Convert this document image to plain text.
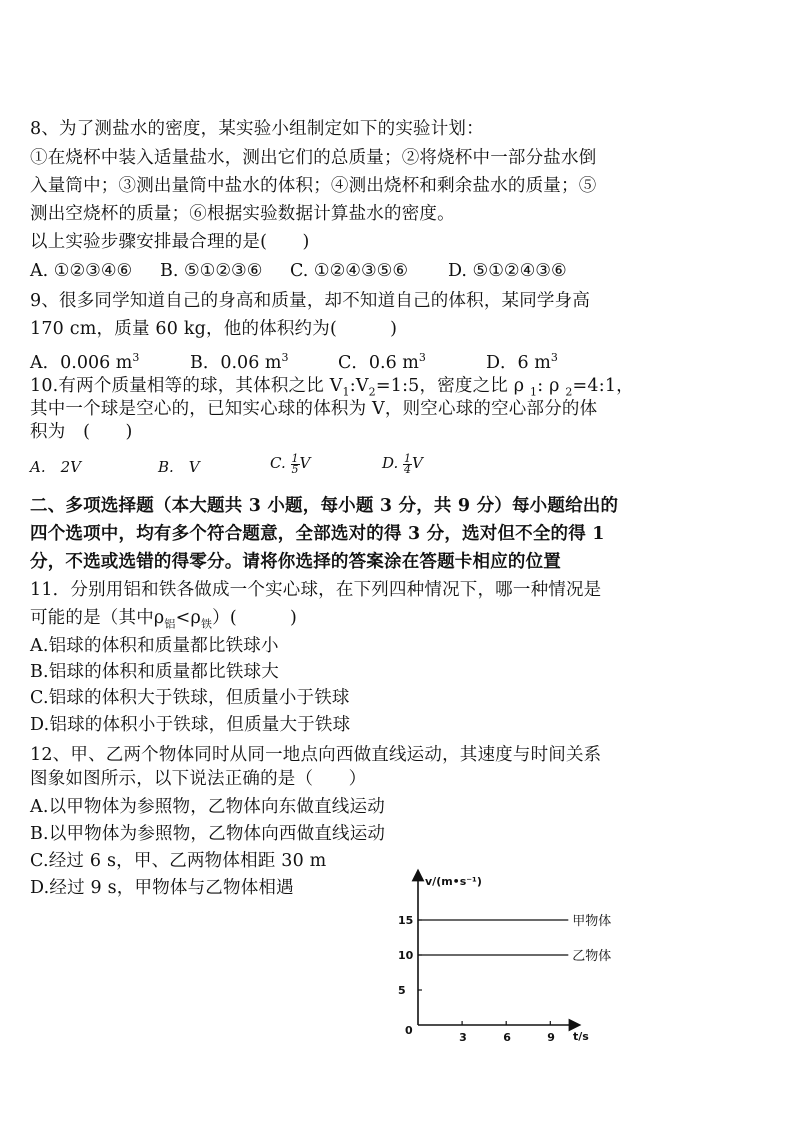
8、为了测盐水的密度，某实验小组制定如下的实验计划：
①在烧杯中装入适量盐水，测出它们的总质量；②将烧杯中一部分盐水倒
入量筒中；③测出量筒中盐水的体积；④测出烧杯和剩余盐水的质量；⑤
测出空烧杯的质量；⑥根据实验数据计算盐水的密度。
以上实验步骤安排最合理的是(　　)
A. ①②③④⑥ B. ⑤①②③⑥ C. ①②④③⑤⑥ D. ⑤①②④③⑥
9、很多同学知道自己的身高和质量，却不知道自己的体积，某同学身高
170 cm，质量 60 kg，他的体积约为(　　　)
A．0.006 $m^3$	B．0.06 $m^3$	C．0.6 $m^3$	D．6 $m^3$
10.有两个质量相等的球，其体积之比 $V_1:V_2=1:5$，密度之比 ρ $_1$: ρ $_2$=4:1，
其中一个球是空心的，已知实心球的体积为 V，则空心球的空心部分的体
积为　(　　)
A.　2V	B.　V	C. $\frac{1}{5}$ V	D. $\frac{1}{4}$ V
二、多项选择题（本大题共 3 小题，每小题 3 分，共 9 分）每小题给出的
四个选项中，均有多个符合题意，全部选对的得 3 分，选对但不全的得 1
分，不选或选错的得零分。请将你选择的答案涂在答题卡相应的位置
11．分别用铝和铁各做成一个实心球，在下列四种情况下，哪一种情况是
可能的是（其中$\rho_铝<\rho_铁$）(　　　)
A.铝球的体积和质量都比铁球小
B.铝球的体积和质量都比铁球大
C.铝球的体积大于铁球，但质量小于铁球
D.铝球的体积小于铁球，但质量大于铁球
12、甲、乙两个物体同时从同一地点向西做直线运动，其速度与时间关系
图象如图所示，以下说法正确的是（　　）
A.以甲物体为参照物，乙物体向东做直线运动
B.以甲物体为参照物，乙物体向西做直线运动
C.经过 6 s，甲、乙两物体相距 30 m
D.经过 9 s，甲物体与乙物体相遇	v/(m•s⁻¹)
t/s
0
3	6	9
5
10
15	甲物体
乙物体
